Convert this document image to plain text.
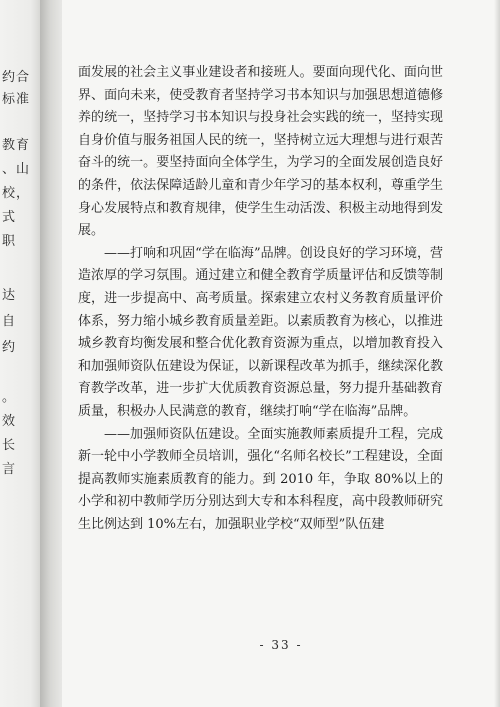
约合
标准
教育
、山
校，
式
职
达
自
约
。
效
长
言

面发展的社会主义事业建设者和接班人。要面向现代化、面向世界、面向未来，使受教育者坚持学习书本知识与加强思想道德修养的统一，坚持学习书本知识与投身社会实践的统一，坚持实现自身价值与服务祖国人民的统一，坚持树立远大理想与进行艰苦奋斗的统一。要坚持面向全体学生，为学习的全面发展创造良好的条件，依法保障适龄儿童和青少年学习的基本权利，尊重学生身心发展特点和教育规律，使学生生动活泼、积极主动地得到发展。

——打响和巩固“学在临海”品牌。创设良好的学习环境，营造浓厚的学习氛围。通过建立和健全教育学质量评估和反馈等制度，进一步提高中、高考质量。探索建立农村义务教育质量评价体系，努力缩小城乡教育质量差距。以素质教育为核心，以推进城乡教育均衡发展和整合优化教育资源为重点，以增加教育投入和加强师资队伍建设为保证，以新课程改革为抓手，继续深化教育教学改革，进一步扩大优质教育资源总量，努力提升基础教育质量，积极办人民满意的教育，继续打响“学在临海”品牌。

——加强师资队伍建设。全面实施教师素质提升工程，完成新一轮中小学教师全员培训，强化“名师名校长”工程建设，全面提高教师实施素质教育的能力。到 2010 年，争取 80%以上的小学和初中教师学历分别达到大专和本科程度，高中段教师研究生比例达到 10%左右，加强职业学校“双师型”队伍建

- 33 -
